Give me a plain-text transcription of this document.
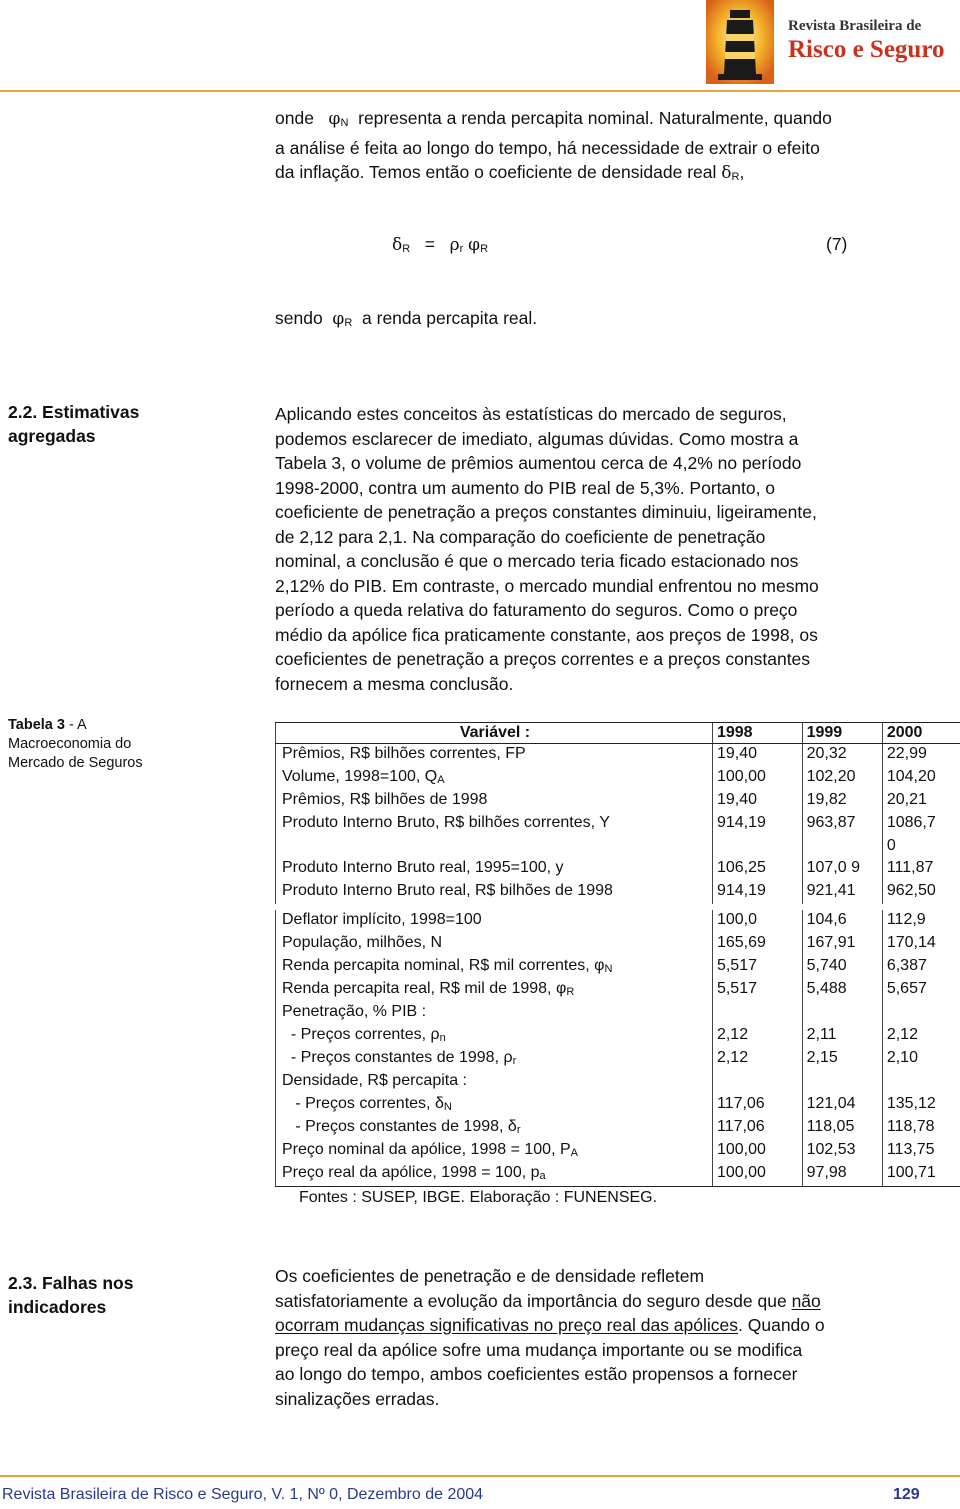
Revista Brasileira de
Risco e Seguro

onde φN representa a renda percapita nominal. Naturalmente, quando

a análise é feita ao longo do tempo, há necessidade de extrair o efeito

da inflação. Temos então o coeficiente de densidade real δR,

δR = ρr φR	(7)
sendo φR a renda percapita real.
2.2. Estimativas
agregadas

Aplicando estes conceitos às estatísticas do mercado de seguros,

podemos esclarecer de imediato, algumas dúvidas. Como mostra a

Tabela 3, o volume de prêmios aumentou cerca de 4,2% no período

1998-2000, contra um aumento do PIB real de 5,3%. Portanto, o

coeficiente de penetração a preços constantes diminuiu, ligeiramente,

de 2,12 para 2,1. Na comparação do coeficiente de penetração

nominal, a conclusão é que o mercado teria ficado estacionado nos

2,12% do PIB. Em contraste, o mercado mundial enfrentou no mesmo

período a queda relativa do faturamento do seguros. Como o preço

médio da apólice fica praticamente constante, aos preços de 1998, os

coeficientes de penetração a preços correntes e a preços constantes

fornecem a mesma conclusão.

Tabela 3 - A
Macroeconomia do
Mercado de Seguros
Variável :	1998	1999	2000
Prêmios, R$ bilhões correntes, FP	19,40	20,32	22,99
Volume, 1998=100, QA	100,00	102,20	104,20
Prêmios, R$ bilhões de 1998	19,40	19,82	20,21
Produto Interno Bruto, R$ bilhões correntes, Y	914,19	963,87	1086,7
			0
Produto Interno Bruto real, 1995=100, y	106,25	107,0 9	111,87
Produto Interno Bruto real, R$ bilhões de 1998	914,19	921,41	962,50

Deflator implícito, 1998=100	100,0	104,6	112,9
População, milhões, N	165,69	167,91	170,14
Renda percapita nominal, R$ mil correntes, φN	5,517	5,740	6,387
Renda percapita real, R$ mil de 1998, φR	5,517	5,488	5,657
Penetração, % PIB :			
- Preços correntes, ρn	2,12	2,11	2,12
- Preços constantes de 1998, ρr	2,12	2,15	2,10
Densidade, R$ percapita :			
- Preços correntes, δN	117,06	121,04	135,12
- Preços constantes de 1998, δr	117,06	118,05	118,78
Preço nominal da apólice, 1998 = 100, PA	100,00	102,53	113,75
Preço real da apólice, 1998 = 100, pa	100,00	97,98	100,71
Fontes : SUSEP, IBGE. Elaboração : FUNENSEG.
2.3. Falhas nos
indicadores

Os coeficientes de penetração e de densidade refletem

satisfatoriamente a evolução da importância do seguro desde que não

ocorram mudanças significativas no preço real das apólices. Quando o

preço real da apólice sofre uma mudança importante ou se modifica

ao longo do tempo, ambos coeficientes estão propensos a fornecer

sinalizações erradas.

Revista Brasileira de Risco e Seguro, V. 1, Nº 0, Dezembro de 2004	129
